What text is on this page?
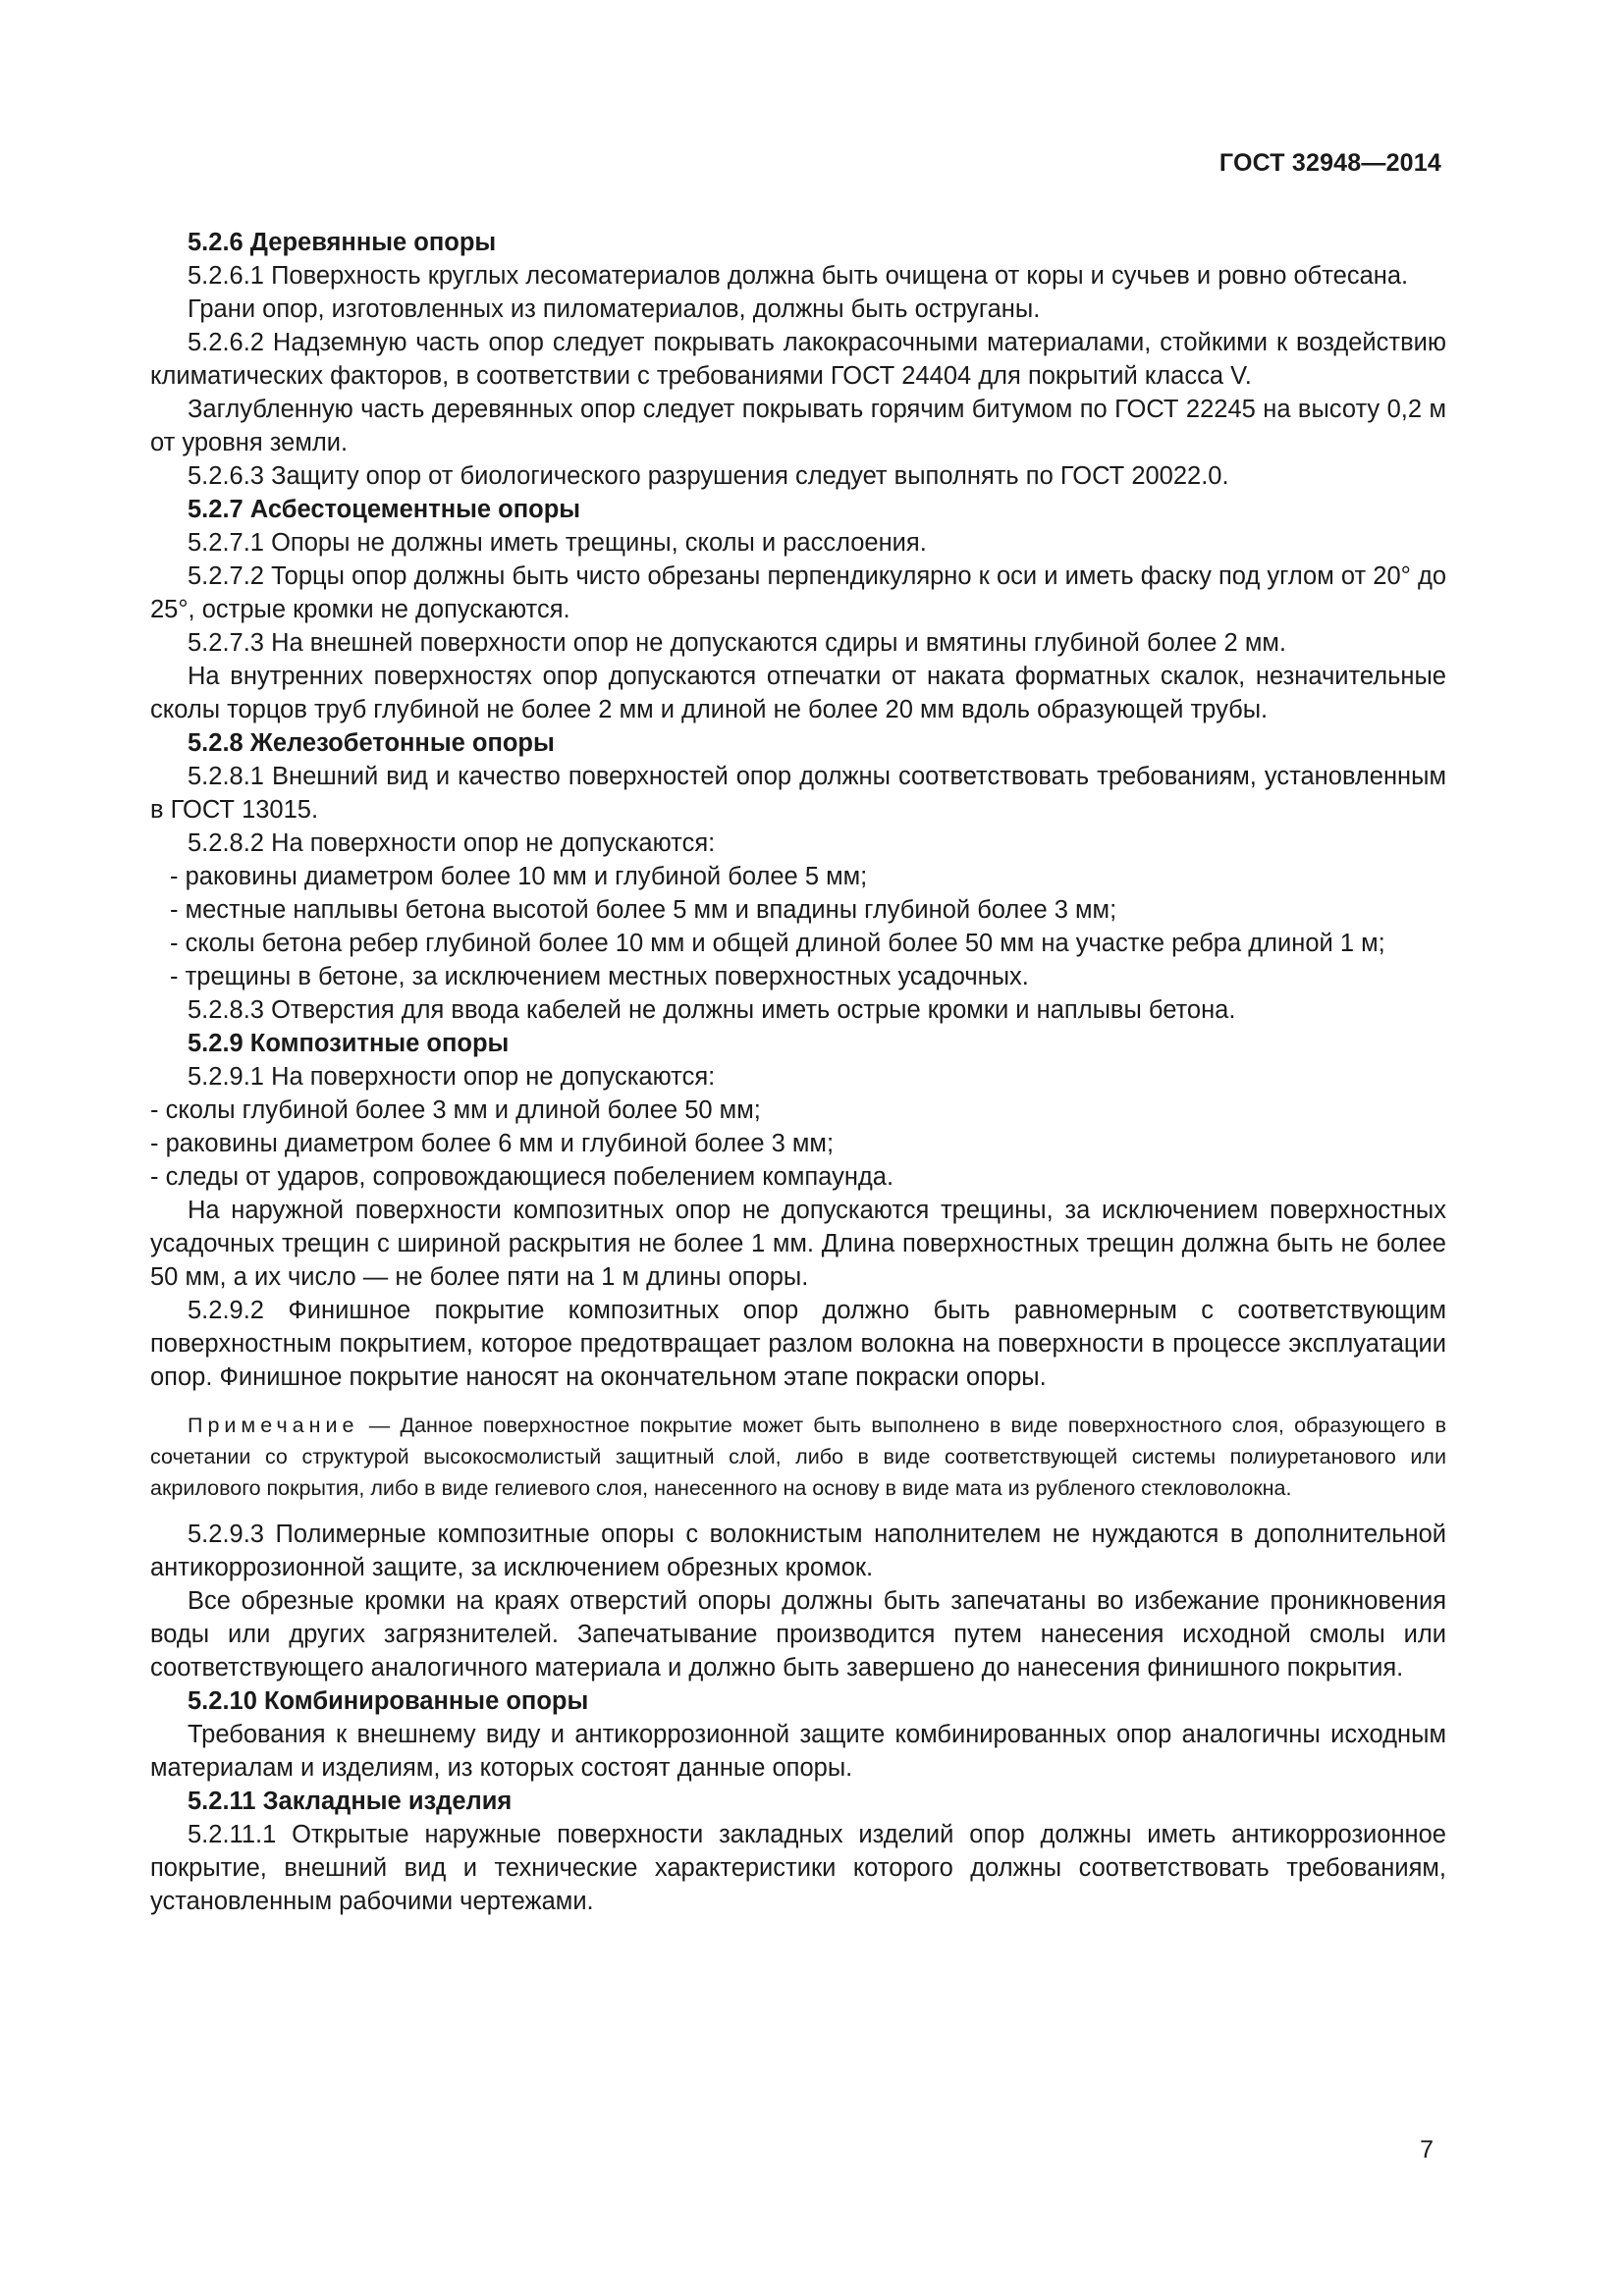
ГОСТ 32948—2014
5.2.6 Деревянные опоры
5.2.6.1 Поверхность круглых лесоматериалов должна быть очищена от коры и сучьев и ровно обтесана.
Грани опор, изготовленных из пиломатериалов, должны быть оструганы.
5.2.6.2 Надземную часть опор следует покрывать лакокрасочными материалами, стойкими к воздействию климатических факторов, в соответствии с требованиями ГОСТ 24404 для покрытий класса V.
Заглубленную часть деревянных опор следует покрывать горячим битумом по ГОСТ 22245 на высоту 0,2 м от уровня земли.
5.2.6.3 Защиту опор от биологического разрушения следует выполнять по ГОСТ 20022.0.
5.2.7 Асбестоцементные опоры
5.2.7.1 Опоры не должны иметь трещины, сколы и расслоения.
5.2.7.2 Торцы опор должны быть чисто обрезаны перпендикулярно к оси и иметь фаску под углом от 20° до 25°, острые кромки не допускаются.
5.2.7.3 На внешней поверхности опор не допускаются сдиры и вмятины глубиной более 2 мм.
На внутренних поверхностях опор допускаются отпечатки от наката форматных скалок, незначительные сколы торцов труб глубиной не более 2 мм и длиной не более 20 мм вдоль образующей трубы.
5.2.8 Железобетонные опоры
5.2.8.1 Внешний вид и качество поверхностей опор должны соответствовать требованиям, установленным в ГОСТ 13015.
5.2.8.2 На поверхности опор не допускаются:
- раковины диаметром более 10 мм и глубиной более 5 мм;
- местные наплывы бетона высотой более 5 мм и впадины глубиной более 3 мм;
- сколы бетона ребер глубиной более 10 мм и общей длиной более 50 мм на участке ребра длиной 1 м;
- трещины в бетоне, за исключением местных поверхностных усадочных.
5.2.8.3 Отверстия для ввода кабелей не должны иметь острые кромки и наплывы бетона.
5.2.9 Композитные опоры
5.2.9.1 На поверхности опор не допускаются:
- сколы глубиной более 3 мм и длиной более 50 мм;
- раковины диаметром более 6 мм и глубиной более 3 мм;
- следы от ударов, сопровождающиеся побелением компаунда.
На наружной поверхности композитных опор не допускаются трещины, за исключением поверхностных усадочных трещин с шириной раскрытия не более 1 мм. Длина поверхностных трещин должна быть не более 50 мм, а их число — не более пяти на 1 м длины опоры.
5.2.9.2 Финишное покрытие композитных опор должно быть равномерным с соответствующим поверхностным покрытием, которое предотвращает разлом волокна на поверхности в процессе эксплуатации опор. Финишное покрытие наносят на окончательном этапе покраски опоры.
Примечание — Данное поверхностное покрытие может быть выполнено в виде поверхностного слоя, образующего в сочетании со структурой высокосмолистый защитный слой, либо в виде соответствующей системы полиуретанового или акрилового покрытия, либо в виде гелиевого слоя, нанесенного на основу в виде мата из рубленого стекловолокна.
5.2.9.3 Полимерные композитные опоры с волокнистым наполнителем не нуждаются в дополнительной антикоррозионной защите, за исключением обрезных кромок.
Все обрезные кромки на краях отверстий опоры должны быть запечатаны во избежание проникновения воды или других загрязнителей. Запечатывание производится путем нанесения исходной смолы или соответствующего аналогичного материала и должно быть завершено до нанесения финишного покрытия.
5.2.10 Комбинированные опоры
Требования к внешнему виду и антикоррозионной защите комбинированных опор аналогичны исходным материалам и изделиям, из которых состоят данные опоры.
5.2.11 Закладные изделия
5.2.11.1 Открытые наружные поверхности закладных изделий опор должны иметь антикоррозионное покрытие, внешний вид и технические характеристики которого должны соответствовать требованиям, установленным рабочими чертежами.
7
